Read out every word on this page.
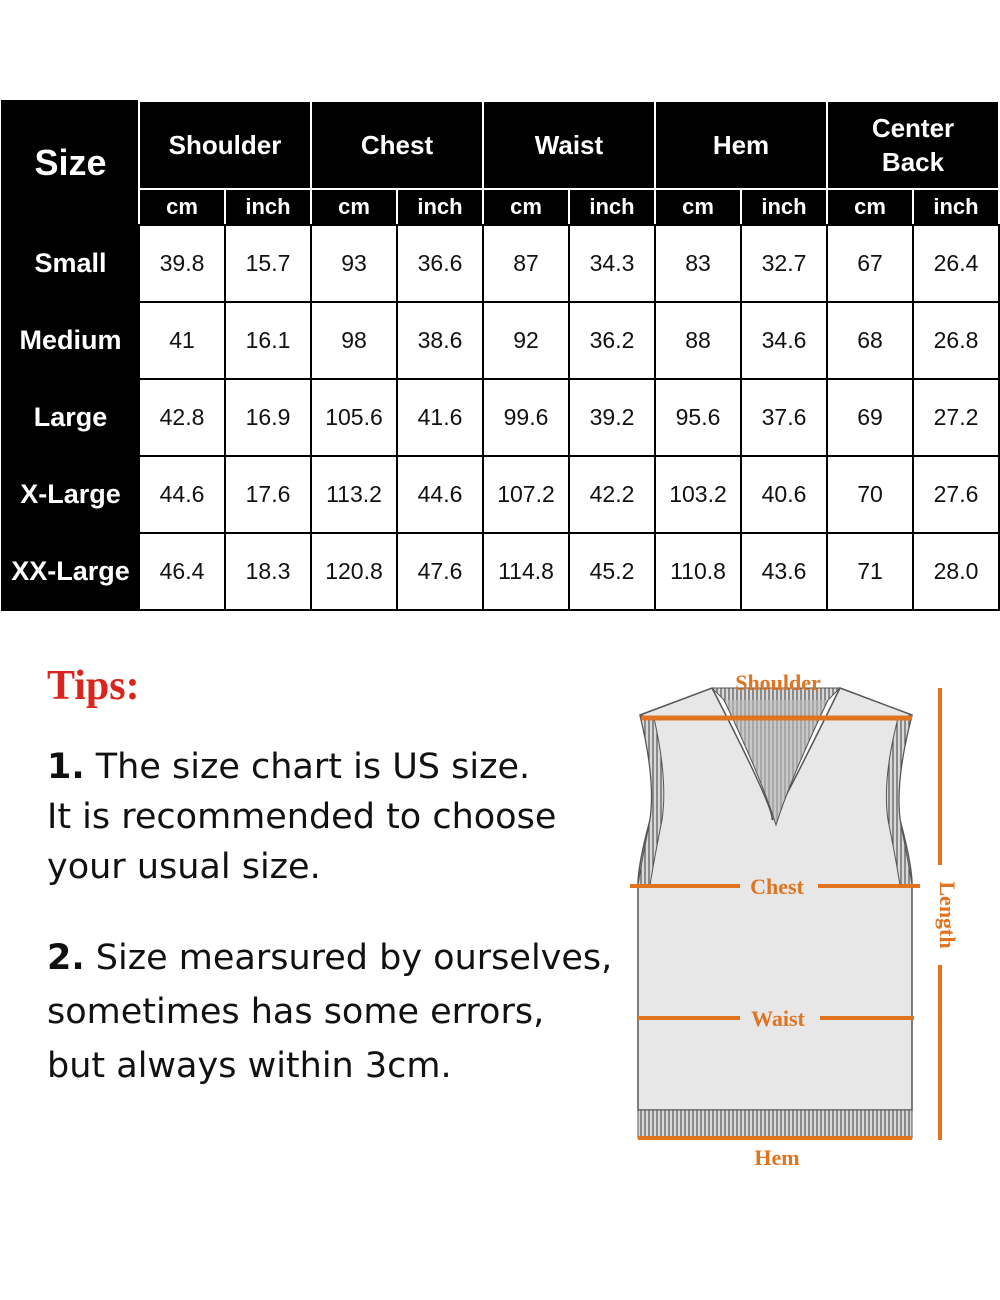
Size	Shoulder		Chest		Waist		Hem		Center
Back	
	cm	inch	cm	inch	cm	inch	cm	inch	cm	inch
Small	39.8	15.7	93	36.6	87	34.3	83	32.7	67	26.4
Medium	41	16.1	98	38.6	92	36.2	88	34.6	68	26.8
Large	42.8	16.9	105.6	41.6	99.6	39.2	95.6	37.6	69	27.2
X-Large	44.6	17.6	113.2	44.6	107.2	42.2	103.2	40.6	70	27.6
XX-Large	46.4	18.3	120.8	47.6	114.8	45.2	110.8	43.6	71	28.0
Tips:

1. The size chart is US size.
It is recommended to choose
your usual size.

2. Size mearsured by ourselves,
sometimes has some errors,
but always within 3cm.

Shoulder
Chest
Waist
Hem
Length
